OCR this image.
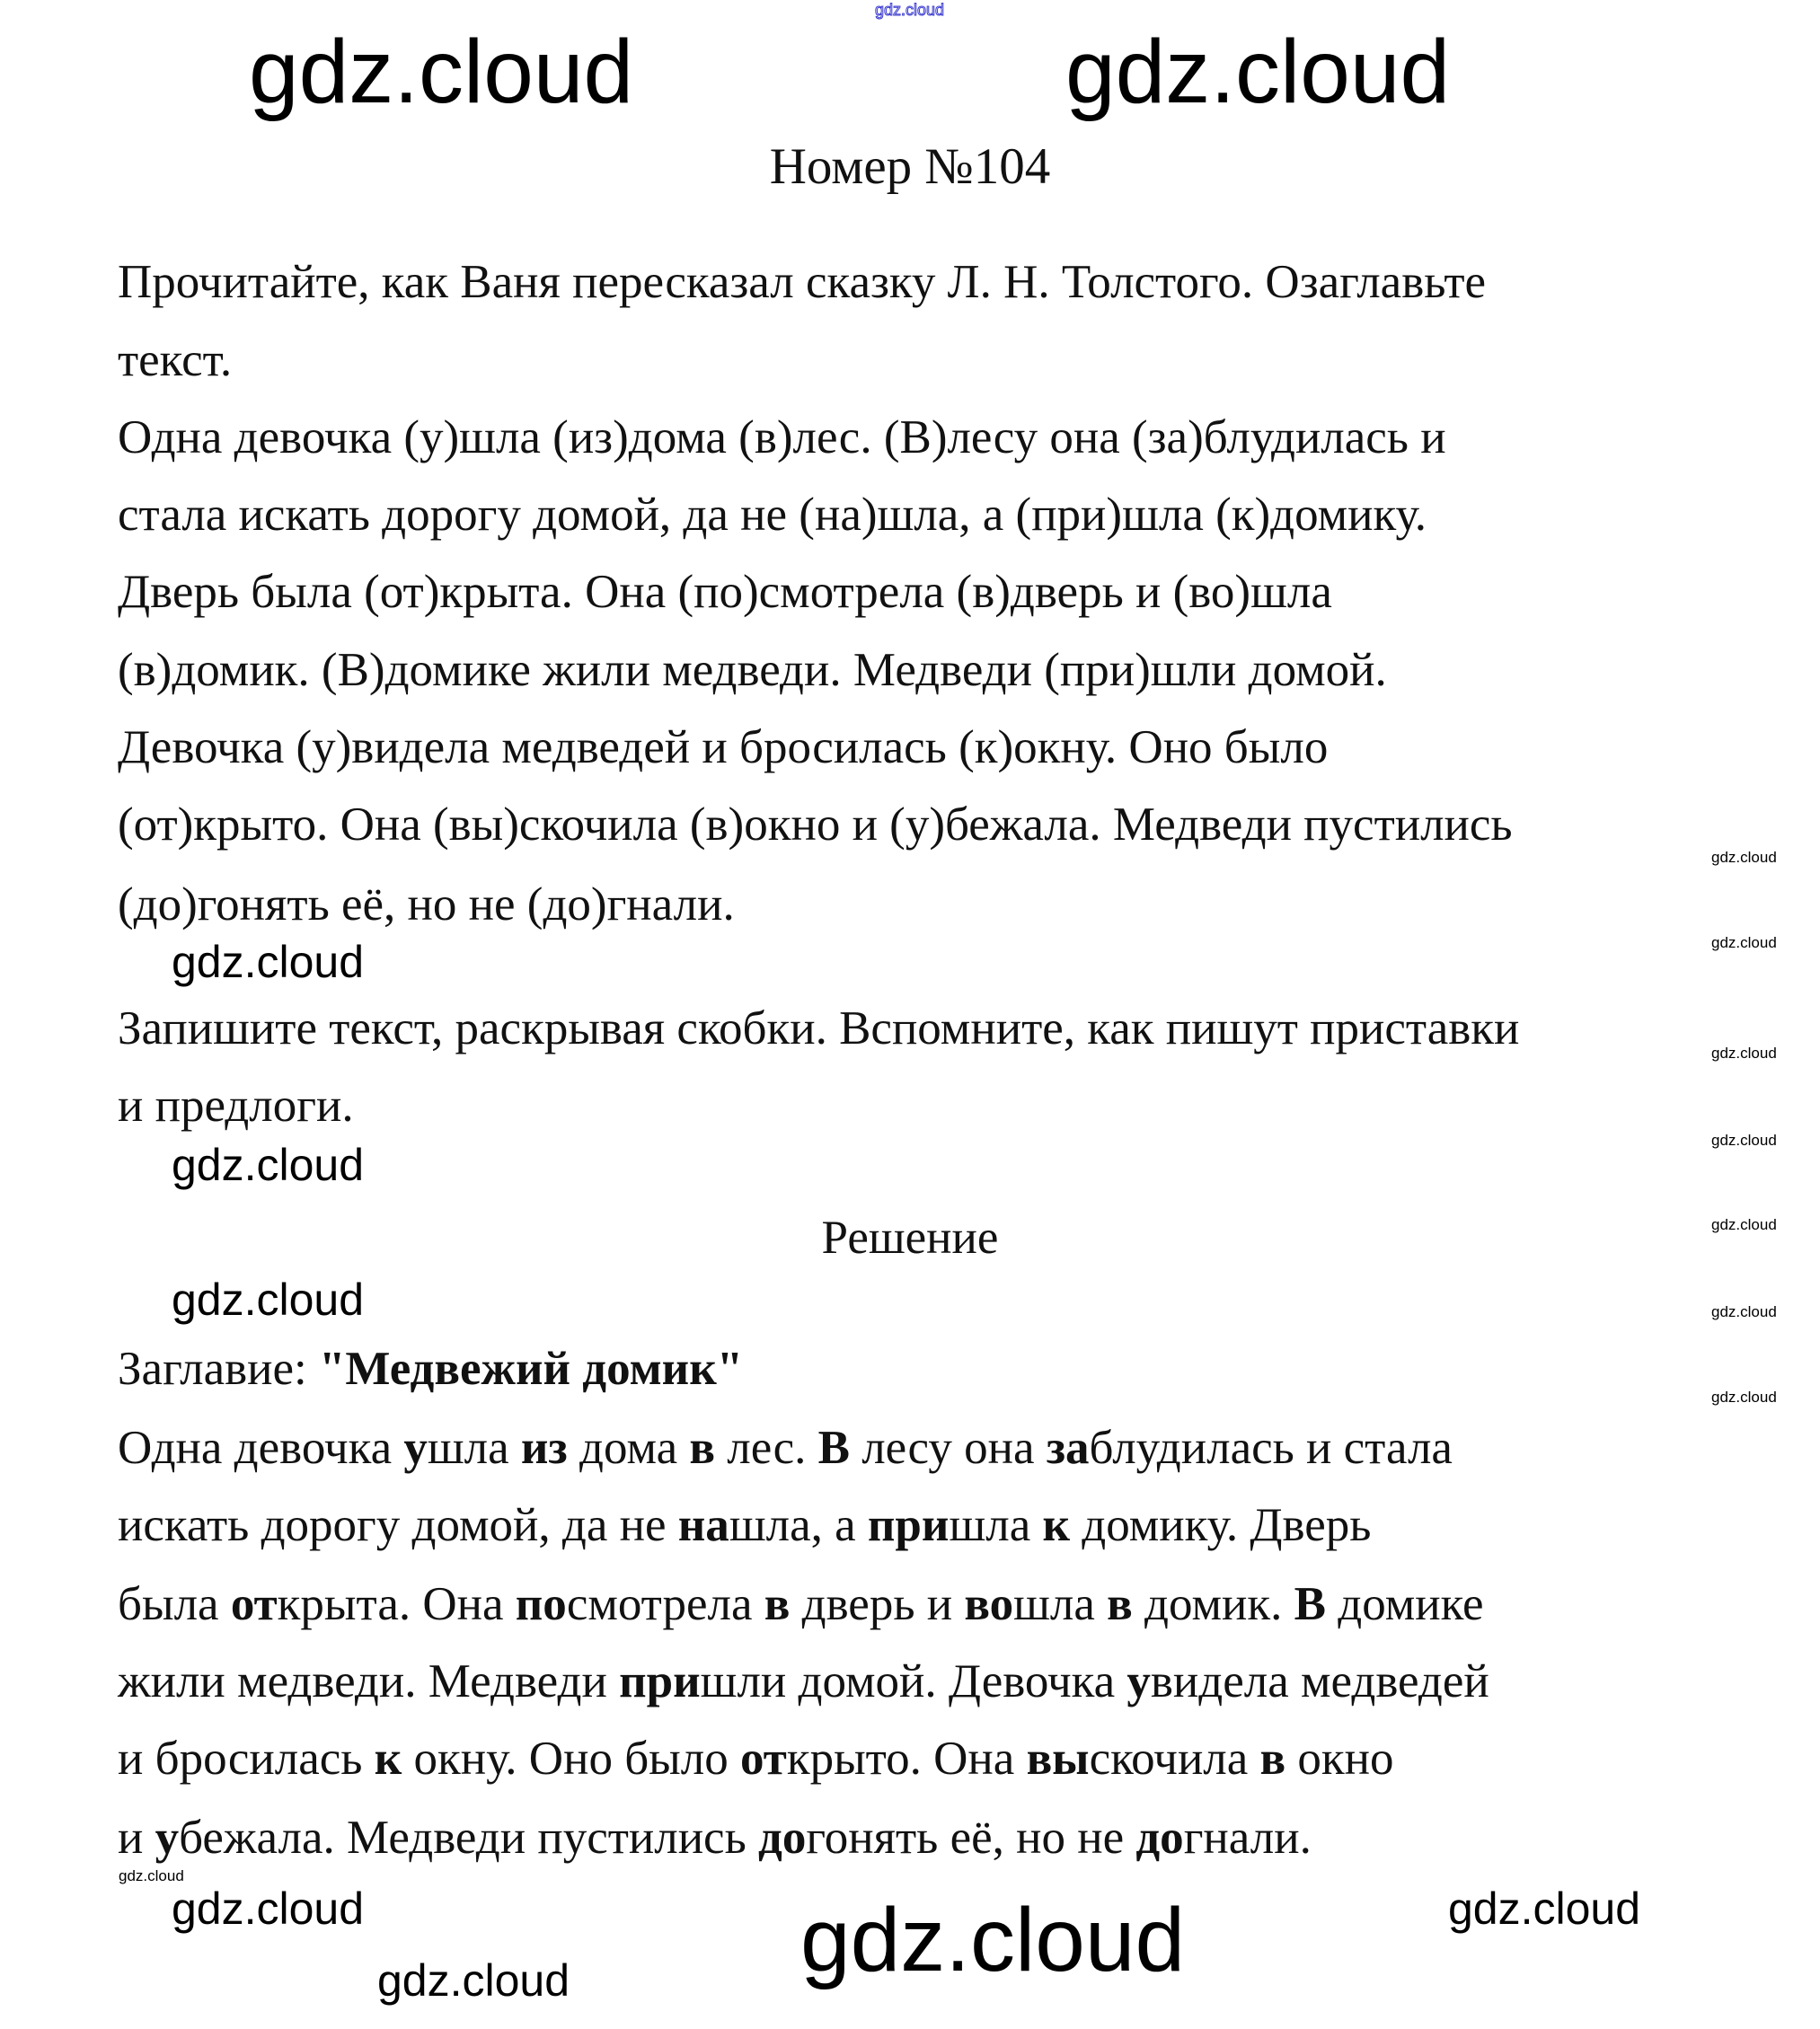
gdz.cloud
Номер №104
Прочитайте, как Ваня пересказал сказку Л. Н. Толстого. Озаглавьте
текст.
Одна девочка (у)шла (из)дома (в)лес. (В)лесу она (за)блудилась и
стала искать дорогу домой, да не (на)шла, а (при)шла (к)домику.
Дверь была (от)крыта. Она (по)смотрела (в)дверь и (во)шла
(в)домик. (В)домике жили медведи. Медведи (при)шли домой.
Девочка (у)видела медведей и бросилась (к)окну. Оно было
(от)крыто. Она (вы)скочила (в)окно и (у)бежала. Медведи пустились
(до)гонять её, но не (до)гнали.
Запишите текст, раскрывая скобки. Вспомните, как пишут приставки
и предлоги.
Решение
Заглавие: "Медвежий домик"
Одна девочка ушла из дома в лес. В лесу она заблудилась и стала
искать дорогу домой, да не нашла, а пришла к домику. Дверь
была открыта. Она посмотрела в дверь и вошла в домик. В домике
жили медведи. Медведи пришли домой. Девочка увидела медведей
и бросилась к окну. Оно было открыто. Она выскочила в окно
и убежала. Медведи пустились догонять её, но не догнали.
gdz.cloud	gdz.cloud
gdz.cloud
gdz.cloud
gdz.cloud
gdz.cloud
gdz.cloud	gdz.cloud
gdz.cloud
gdz.cloud
gdz.cloud
gdz.cloud
gdz.cloud
gdz.cloud
gdz.cloud
gdz.cloud
gdz.cloud
